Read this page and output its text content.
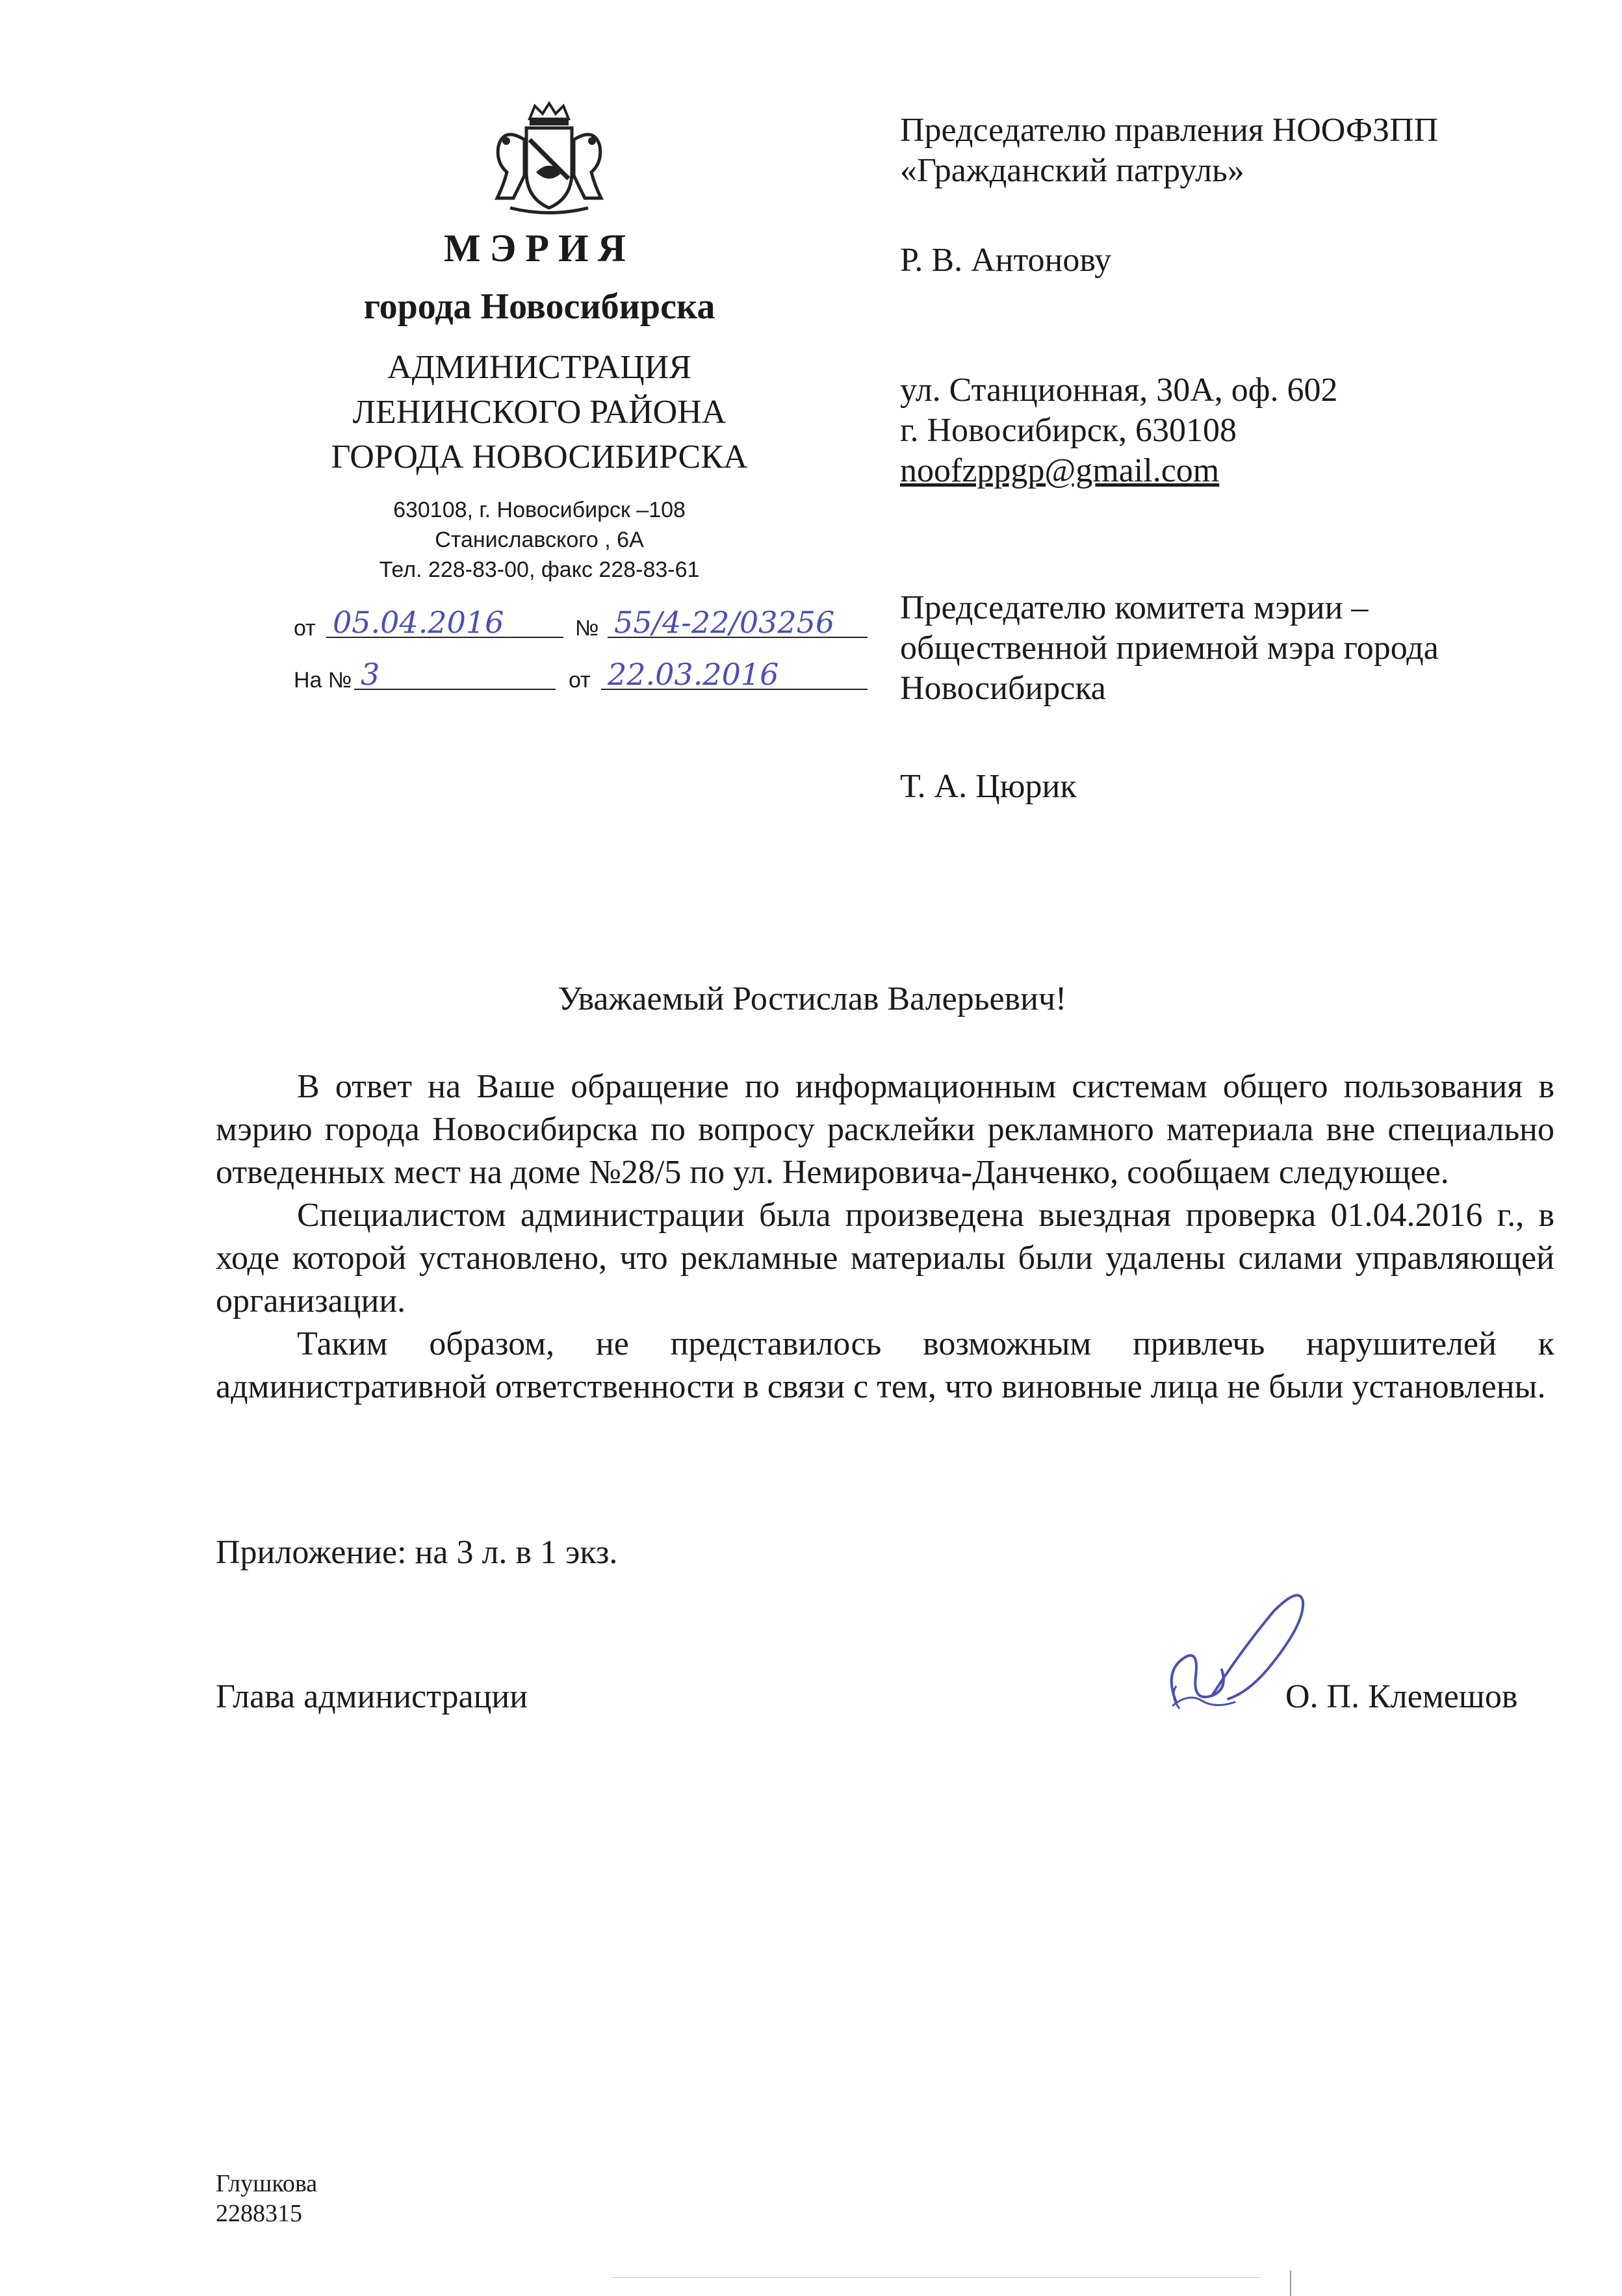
МЭРИЯ
города Новосибирска
АДМИНИСТРАЦИЯ
ЛЕНИНСКОГО РАЙОНА
ГОРОДА НОВОСИБИРСКА
630108, г. Новосибирск –108
Станиславского , 6А
Тел. 228-83-00, факс 228-83-61
от 05.04.2016	№ 55/4-22/03256
На № 3	от 22.03.2016
Председателю правления НООФЗПП
«Гражданский патруль»
Р. В. Антонову
ул. Станционная, 30А, оф. 602
г. Новосибирск, 630108
noofzppgp@gmail.com
Председателю комитета мэрии –
общественной приемной мэра города
Новосибирска
Т. А. Цюрик
Уважаемый Ростислав Валерьевич!

В ответ на Ваше обращение по информационным системам общего пользования в мэрию города Новосибирска по вопросу расклейки рекламного материала вне специально отведенных мест на доме №28/5 по ул. Немировича-Данченко, сообщаем следующее.

Специалистом администрации была произведена выездная проверка 01.04.2016 г., в ходе которой установлено, что рекламные материалы были удалены силами управляющей организации.

Таким образом, не представилось возможным привлечь нарушителей к административной ответственности в связи с тем, что виновные лица не были установлены.

Приложение: на 3 л. в 1 экз.
Глава администрации	О. П. Клемешов
Глушкова
2288315
